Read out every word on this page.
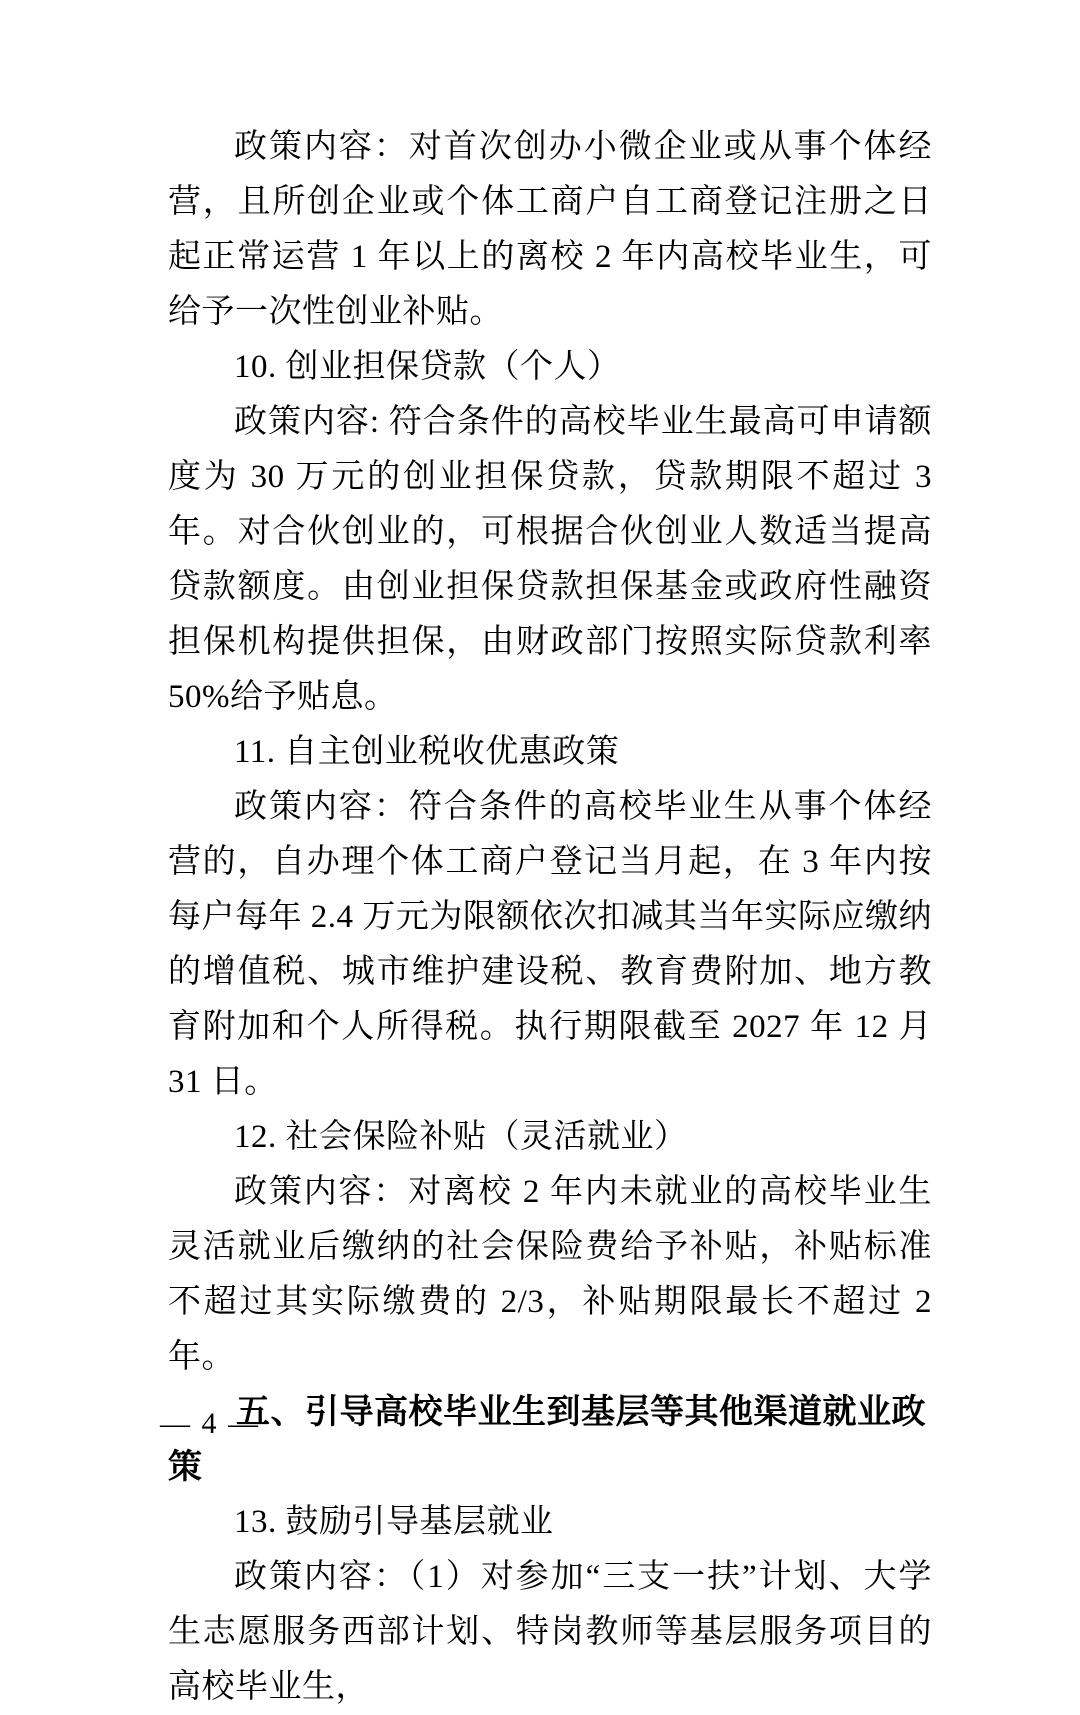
政策内容：对首次创办小微企业或从事个体经营，且所创企业或个体工商户自工商登记注册之日起正常运营 1 年以上的离校 2 年内高校毕业生，可给予一次性创业补贴。

10. 创业担保贷款（个人）

政策内容: 符合条件的高校毕业生最高可申请额度为 30 万元的创业担保贷款，贷款期限不超过 3 年。对合伙创业的，可根据合伙创业人数适当提高贷款额度。由创业担保贷款担保基金或政府性融资担保机构提供担保，由财政部门按照实际贷款利率 50%给予贴息。

11. 自主创业税收优惠政策

政策内容：符合条件的高校毕业生从事个体经营的，自办理个体工商户登记当月起，在 3 年内按每户每年 2.4 万元为限额依次扣减其当年实际应缴纳的增值税、城市维护建设税、教育费附加、地方教育附加和个人所得税。执行期限截至 2027 年 12 月 31 日。

12. 社会保险补贴（灵活就业）

政策内容：对离校 2 年内未就业的高校毕业生灵活就业后缴纳的社会保险费给予补贴，补贴标准不超过其实际缴费的 2/3，补贴期限最长不超过 2 年。

五、引导高校毕业生到基层等其他渠道就业政策

13. 鼓励引导基层就业

政策内容：（1）对参加“三支一扶”计划、大学生志愿服务西部计划、特岗教师等基层服务项目的高校毕业生，

— 4 —
